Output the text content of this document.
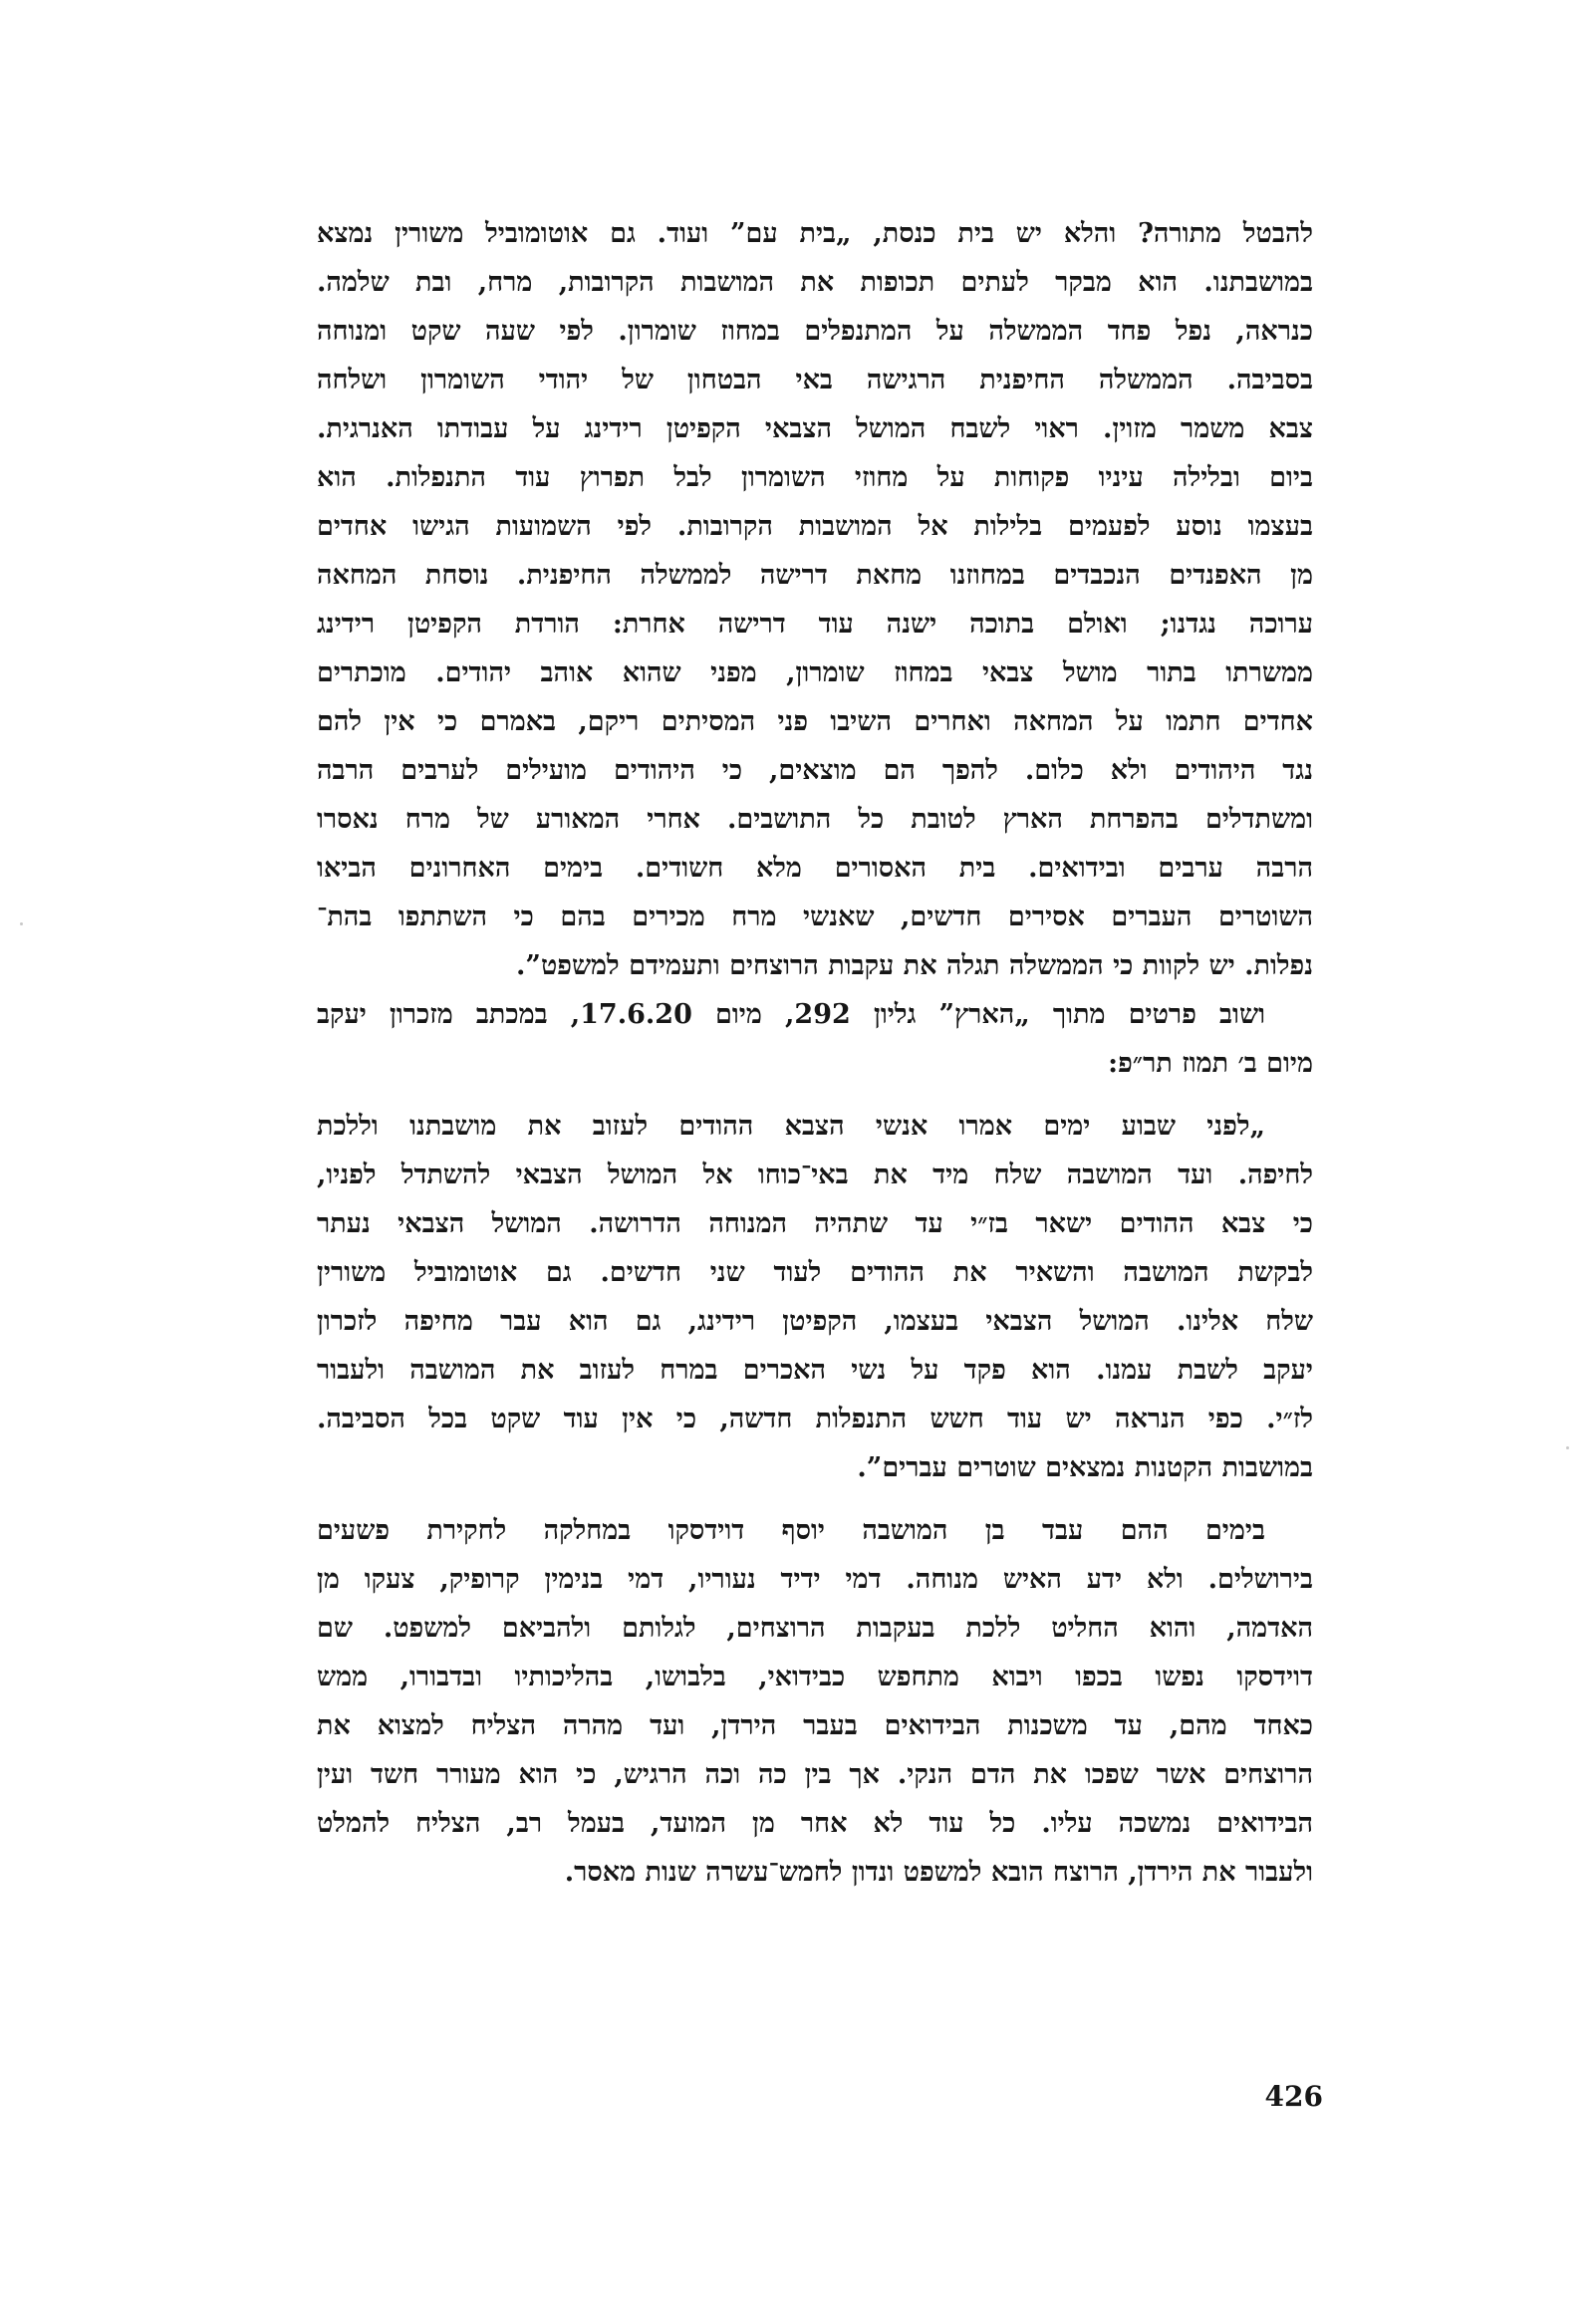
להבטל מתורה? והלא יש בית כנסת, „בית עם” ועוד. גם אוטומוביל משורין נמצא
במושבתנו. הוא מבקר לעתים תכופות את המושבות הקרובות, מרח, ובת שלמה.
כנראה, נפל פחד הממשלה על המתנפלים במחוז שומרון. לפי שעה שקט ומנוחה
בסביבה. הממשלה החיפנית הרגישה באי הבטחון של יהודי השומרון ושלחה
צבא משמר מזוין. ראוי לשבח המושל הצבאי הקפיטן רידינג על עבודתו האנרגית.
ביום ובלילה עיניו פקוחות על מחוזי השומרון לבל תפרוץ עוד התנפלות. הוא
בעצמו נוסע לפעמים בלילות אל המושבות הקרובות. לפי השמועות הגישו אחדים
מן האפנדים הנכבדים במחוזנו מחאת דרישה לממשלה החיפנית. נוסחת המחאה
ערוכה נגדנו; ואולם בתוכה ישנה עוד דרישה אחרת: הורדת הקפיטן רידינג
ממשרתו בתור מושל צבאי במחוז שומרון, מפני שהוא אוהב יהודים. מוכתרים
אחדים חתמו על המחאה ואחרים השיבו פני המסיתים ריקם, באמרם כי אין להם
נגד היהודים ולא כלום. להפך הם מוצאים, כי היהודים מועילים לערבים הרבה
ומשתדלים בהפרחת הארץ לטובת כל התושבים. אחרי המאורע של מרח נאסרו
הרבה ערבים ובידואים. בית האסורים מלא חשודים. בימים האחרונים הביאו
השוטרים העברים אסירים חדשים, שאנשי מרח מכירים בהם כי השתתפו בהת־
נפלות. יש לקוות כי הממשלה תגלה את עקבות הרוצחים ותעמידם למשפט”.
ושוב פרטים מתוך „הארץ” גליון 292, מיום 17.6.20, במכתב מזכרון יעקב
מיום ב׳ תמוז תר״פ:
„לפני שבוע ימים אמרו אנשי הצבא ההודים לעזוב את מושבתנו וללכת
לחיפה. ועד המושבה שלח מיד את באי־כוחו אל המושל הצבאי להשתדל לפניו,
כי צבא ההודים ישאר בז״י עד שתהיה המנוחה הדרושה. המושל הצבאי נעתר
לבקשת המושבה והשאיר את ההודים לעוד שני חדשים. גם אוטומוביל משורין
שלח אלינו. המושל הצבאי בעצמו, הקפיטן רידינג, גם הוא עבר מחיפה לזכרון
יעקב לשבת עמנו. הוא פקד על נשי האכרים במרח לעזוב את המושבה ולעבור
לז״י. כפי הנראה יש עוד חשש התנפלות חדשה, כי אין עוד שקט בכל הסביבה.
במושבות הקטנות נמצאים שוטרים עברים”.
בימים ההם עבד בן המושבה יוסף דוידסקו במחלקה לחקירת פשעים
בירושלים. ולא ידע האיש מנוחה. דמי ידיד נעוריו, דמי בנימין קרופיק, צעקו מן
האדמה, והוא החליט ללכת בעקבות הרוצחים, לגלותם ולהביאם למשפט. שם
דוידסקו נפשו בכפו ויבוא מתחפש כבידואי, בלבושו, בהליכותיו ובדבורו, ממש
כאחד מהם, עד משכנות הבידואים בעבר הירדן, ועד מהרה הצליח למצוא את
הרוצחים אשר שפכו את הדם הנקי. אך בין כה וכה הרגיש, כי הוא מעורר חשד ועין
הבידואים נמשכה עליו. כל עוד לא אחר מן המועד, בעמל רב, הצליח להמלט
ולעבור את הירדן, הרוצח הובא למשפט ונדון לחמש־עשרה שנות מאסר.
426
